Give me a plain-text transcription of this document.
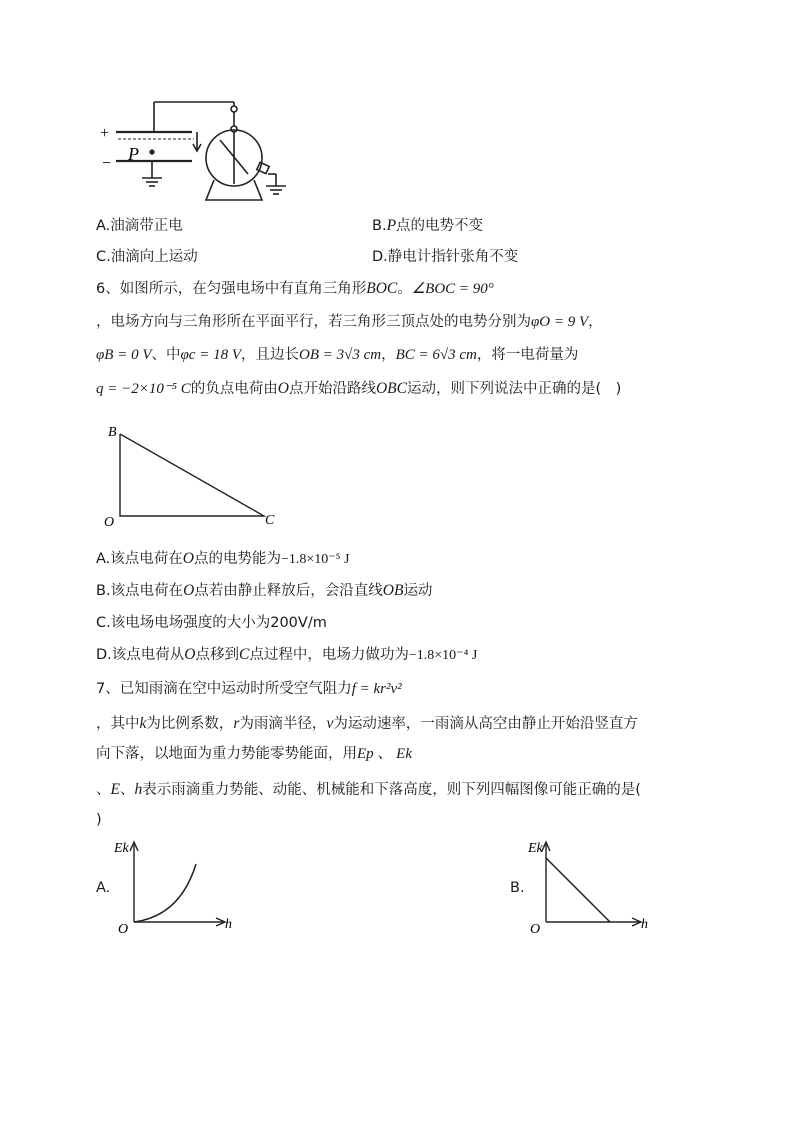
+
− P
A.油滴带正电	B.P点的电势不变
C.油滴向上运动	D.静电计指针张角不变
6、如图所示，在匀强电场中有直角三角形BOC。∠BOC = 90°
，电场方向与三角形所在平面平行，若三角形三顶点处的电势分别为φO = 9 V，
φB = 0 V、中φc = 18 V，且边长OB = 3√3 cm，BC = 6√3 cm，将一电荷量为
q = −2×10⁻⁵ C的负点电荷由O点开始沿路线OBC运动，则下列说法中正确的是(　)
B
O	C
A.该点电荷在O点的电势能为−1.8×10⁻⁵ J
B.该点电荷在O点若由静止释放后，会沿直线OB运动
C.该电场电场强度的大小为200V/m
D.该点电荷从O点移到C点过程中，电场力做功为−1.8×10⁻⁴ J
7、已知雨滴在空中运动时所受空气阻力f = kr²v²
，其中k为比例系数，r为雨滴半径，v为运动速率，一雨滴从高空由静止开始沿竖直方
向下落，以地面为重力势能零势能面，用Ep 、 Ek
、E、h表示雨滴重力势能、动能、机械能和下落高度，则下列四幅图像可能正确的是(
)
A.
Ek
h
O
B.
Ek
h
O
